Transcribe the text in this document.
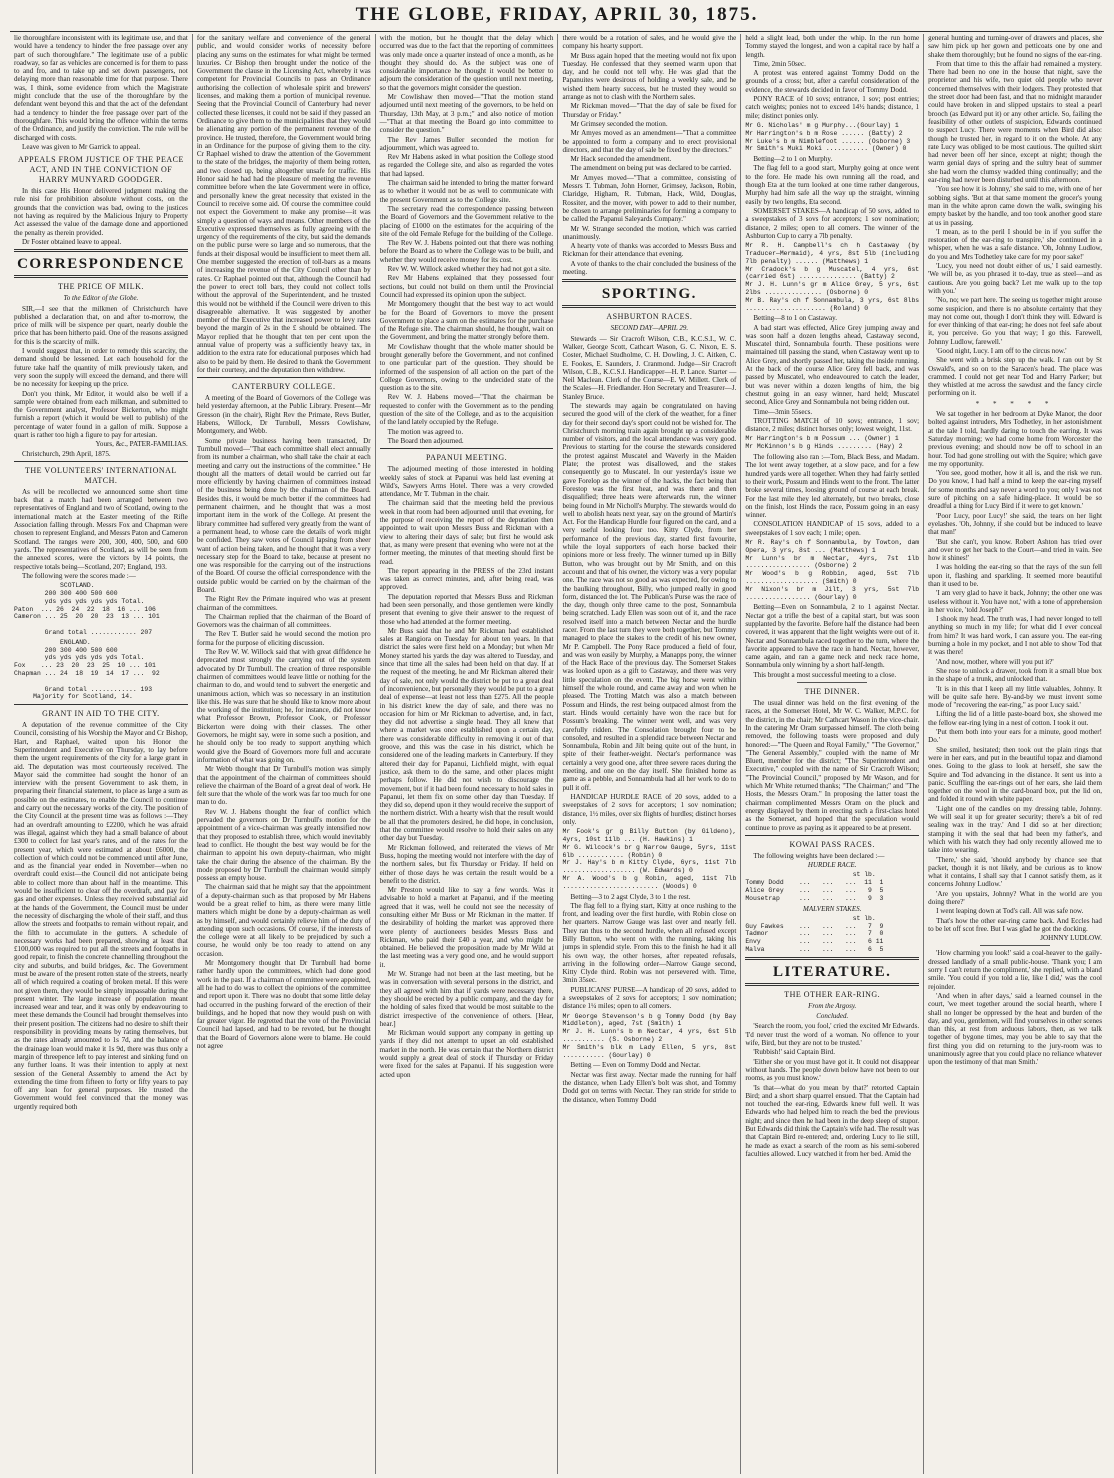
THE GLOBE, FRIDAY, APRIL 30, 1875.

lie thoroughfare inconsistent with its legitimate use, and that would have a tendency to hinder the free passage over any part of such thoroughfare." The legitimate use of a public roadway, so far as vehicles are concerned is for them to pass to and fro, and to take up and set down passengers, not delaying more than reasonable time for that purpose. There was, I think, some evidence from which the Magistrate might conclude that the use of the thoroughfare by the defendant went beyond this and that the act of the defendant had a tendency to hinder the free passage over part of the thoroughfare. This would bring the offence within the terms of the Ordinance, and justify the conviction. The rule will be discharged with costs.

Leave was given to Mr Garrick to appeal.

APPEALS FROM JUSTICE OF THE PEACE ACT, AND IN THE CONVICTION OF HARRY MUNYARD GOODGER.

In this case His Honor delivered judgment making the rule nisi for prohibition absolute without costs, on the grounds that the conviction was bad, owing to the justices not having as required by the Malicious Injury to Property Act assessed the value of the damage done and apportioned the penalty as therein provided.

Dr Foster obtained leave to appeal.

CORRESPONDENCE
THE PRICE OF MILK.
To the Editor of the Globe.

SIR,—I see that the milkmen of Christchurch have published a declaration that, on and after to-morrow, the price of milk will be sixpence per quart, nearly double the price that has been hitherto paid. One of the reasons assigned for this is the scarcity of milk.

I would suggest that, in order to remedy this scarcity, the demand should be lessened. Let each household for the future take half the quantity of milk previously taken, and very soon the supply will exceed the demand, and there will be no necessity for keeping up the price.

Don't you think, Mr Editor, it would also be well if a sample were obtained from each milkman, and submitted to the Government analyst, Professor Bickerton, who might furnish a report (which it would be well to publish) of the percentage of water found in a gallon of milk. Suppose a quart is rather too high a figure to pay for artesian.

Yours, &c., PATER-FAMILIAS.

Christchurch, 29th April, 1875.

THE VOLUNTEERS' INTERNATIONAL MATCH.

As will be recollected we announced some short time back that a match had been arranged between two representatives of England and two of Scotland, owing to the international match at the Easter meeting of the Rifle Association falling through. Messrs Fox and Chapman were chosen to represent England, and Messrs Paton and Cameron Scotland. The ranges were 200, 300, 400, 500, and 600 yards. The representatives of Scotland, as will be seen from the annexed scores, were the victors by 14 points, the respective totals being—Scotland, 207; England, 193.

The following were the scores made :—

SCOTLAND.
200 300 400 500 600
yds yds yds yds yds Total.
Paton  ... 26  24  22  18  16 ... 106
Cameron ... 25  20  20  23  13 ... 101

Grand total ............ 207
ENGLAND.
200 300 400 500 600
yds yds yds yds yds Total.
Fox    ... 23  20  23  25  10 ... 101
Chapman ... 24  18  19  14  17 ...  92

Grand total ............ 193
Majority for Scotland, 14.
GRANT IN AID TO THE CITY.

A deputation of the revenue committee of the City Council, consisting of his Worship the Mayor and Cr Bishop, Hart, and Raphael, waited upon his Honor the Superintendent and Executive on Thursday, to lay before them the urgent requirements of the city for a large grant in aid. The deputation was most courteously received. The Mayor said the committee had sought the honor of an interview with the present Government to ask them, in preparing their financial statement, to place as large a sum as possible on the estimates, to enable the Council to continue and carry out the necessary works of the city. The position of the City Council at the present time was as follows :—They had an overdraft amounting to £2200, which he was afraid was illegal, against which they had a small balance of about £300 to collect for last year's rates, and of the rates for the present year, which were estimated at about £6000, the collection of which could not be commenced until after June, and as the financial year ended in November—when no overdraft could exist—the Council did not anticipate being able to collect more than about half in the meantime. This would be insufficient to clear off the overdraft, and pay for gas and other expenses. Unless they received substantial aid at the hands of the Government, the Council must be under the necessity of discharging the whole of their staff, and thus allow the streets and footpaths to remain without repair, and the filth to accumulate in the gutters. A schedule of necessary works had been prepared, showing at least that £100,000 was required to put all the streets and footpaths in good repair, to finish the concrete channelling throughout the city and suburbs, and build bridges, &c. The Government must be aware of the present rotten state of the streets, nearly all of which required a coating of broken metal. If this were not given them, they would be simply impassable during the present winter. The large increase of population meant increased wear and tear, and it was only by endeavouring to meet these demands the Council had brought themselves into their present position. The citizens had no desire to shift their responsibility in providing means by rating themselves, but as the rates already amounted to 1s 7d, and the balance of the drainage loan would make it 1s 9d, there was thus only a margin of threepence left to pay interest and sinking fund on any further loans. It was their intention to apply at next session of the General Assembly to amend the Act by extending the time from fifteen to forty or fifty years to pay off any loan for general purposes. He trusted the Government would feel convinced that the money was urgently required both

for the sanitary welfare and convenience of the general public, and would consider works of necessity before placing any sums on the estimates for what might be termed luxuries. Cr Bishop then brought under the notice of the Government the clause in the Licensing Act, whereby it was competent for Provincial Councils to pass an Ordinance authorising the collection of wholesale spirit and brewers' licenses, and making them a portion of municipal revenue. Seeing that the Provincial Council of Canterbury had never collected these licenses, it could not be said if they passed an Ordinance to give them to the municipalities that they would be alienating any portion of the permanent revenue of the province. He trusted, therefore, the Government would bring in an Ordinance for the purpose of giving them to the city. Cr Raphael wished to draw the attention of the Government to the state of the bridges, the majority of them being rotten, and two closed up, being altogether unsafe for traffic. His Honor said he had had the pleasure of meeting the revenue committee before when the late Government were in office, and personally knew the great necessity that existed in the Council to receive some aid. Of course the committee could not expect the Government to make any promise—it was simply a question of ways and means. Other members of the Executive expressed themselves as fully agreeing with the urgency of the requirements of the city, but said the demands on the public purse were so large and so numerous, that the funds at their disposal would be insufficient to meet them all. One member suggested the erection of toll-bars as a means of increasing the revenue of the City Council other than by rates. Cr Raphael pointed out that, although the Council had the power to erect toll bars, they could not collect tolls without the approval of the Superintendent, and he trusted this would not be withheld if the Council were driven to this disagreeable alternative. It was suggested by another member of the Executive that increased power to levy rates beyond the margin of 2s in the £ should be obtained. The Mayor replied that he thought that ten per cent upon the annual value of property was a sufficiently heavy tax, in addition to the extra rate for educational purposes which had also to be paid by them. He desired to thank the Government for their courtesy, and the deputation then withdrew.

CANTERBURY COLLEGE.

A meeting of the Board of Governors of the College was held yesterday afternoon, at the Public Library. Present—Mr Gresson (in the chair), Right Rev the Primate, Revs Butler, Habens, Willock, Dr Turnbull, Messrs Cowlishaw, Montgomery, and Webb.

Some private business having been transacted, Dr Turnbull moved—"That each committee shall elect annually from its number a chairman, who shall take the chair at each meeting and carry out the instructions of the committee." He thought all the matters of detail would be carried out far more efficiently by having chairmen of committees instead of the business being done by the chairman of the Board. Besides this, it would be much better if the committees had permanent chairmen, and he thought that was a most important item in the work of the College. At present the library committee had suffered very greatly from the want of a permanent head, to whose care the details of work might be confided. They saw votes of Council lapsing from sheer want of action being taken, and he thought that it was a very necessary step for the Board to take, because at present no one was responsible for the carrying out of the instructions of the Board. Of course the official correspondence with the outside public would be carried on by the chairman of the Board.

The Right Rev the Primate inquired who was at present chairman of the committees.

The Chairman replied that the chairman of the Board of Governors was the chairman of all committees.

The Rev T. Butler said he would second the motion pro forma for the purpose of eliciting discussion.

The Rev W. W. Willock said that with great diffidence he deprecated most strongly the carrying out of the system advocated by Dr Turnbull. The creation of three responsible chairmen of committees would leave little or nothing for the chairman to do, and would tend to subvert the energetic and unanimous action, which was so necessary in an institution like this. He was sure that he should like to know more about the working of the institution; he, for instance, did not know what Professor Brown, Professor Cook, or Professor Bickerton were doing with their classes. The other Governors, he might say, were in some such a position, and he should only be too ready to support anything which would give the Board of Governors more full and accurate information of what was going on.

Mr Webb thought that Dr Turnbull's motion was simply that the appointment of the chairman of committees should relieve the chairman of the Board of a great deal of work. He felt sure that the whole of the work was far too much for one man to do.

Rev W. J. Habens thought the fear of conflict which pervaded the governors on Dr Turnbull's motion for the appointment of a vice-chairman was greatly intensified now that they proposed to establish three, which would inevitably lead to conflict. He thought the best way would be for the chairman to appoint his own deputy-chairman, who might take the chair during the absence of the chairman. By the mode proposed by Dr Turnbull the chairman would simply possess an empty house.

The chairman said that he might say that the appointment of a deputy-chairman such as that proposed by Mr Habens would be a great relief to him, as there were many little matters which might be done by a deputy-chairman as well as by himself, and would certainly relieve him of the duty of attending upon such occasions. Of course, if the interests of the college were at all likely to be prejudiced by such a course, he would only be too ready to attend on any occasion.

Mr Montgomery thought that Dr Turnbull had borne rather hardly upon the committees, which had done good work in the past. If a chairman of committee were appointed, all he had to do was to collect the opinions of the committee and report upon it. There was no doubt that some little delay had occurred in the pushing forward of the erection of their buildings, and he hoped that now they would push on with far greater vigor. He regretted that the vote of the Provincial Council had lapsed, and had to be revoted, but he thought that the Board of Governors alone were to blame. He could not agree

with the motion, but he thought that the delay which occurred was due to the fact that the reporting of committees was only made once a quarter instead of once a month, as he thought they should do. As the subject was one of considerable importance he thought it would be better to adjourn the consideration of the question until next meeting, so that the governors might consider the question.

Mr Cowlishaw then moved—"That the motion stand adjourned until next meeting of the governors, to be held on Thursday, 13th May, at 3 p.m.;" and also notice of motion—"That at that meeting the Board go into committee to consider the question."

The Rev James Buller seconded the motion for adjournment, which was agreed to.

Rev Mr Habens asked in what position the College stood as regarded the College site, and also as regarded the votes that had lapsed.

The chairman said he intended to bring the matter forward as to whether it would not be as well to communicate with the present Government as to the College site.

The secretary read the correspondence passing between the Board of Governors and the Government relative to the placing of £1000 on the estimates for the acquiring of the site of the old Female Refuge for the building of the College.

The Rev W. J. Habens pointed out that there was nothing before the Board as to where the College was to be built, and whether they would receive money for its cost.

Rev W. W. Willock asked whether they had not got a site.

Rev Mr Habens explained that they possessed four sections, but could not build on them until the Provincial Council had expressed its opinion upon the subject.

Mr Montgomery thought that the best way to act would be for the Board of Governors to move the present Government to place a sum on the estimates for the purchase of the Refuge site. The chairman should, he thought, wait on the Government, and bring the matter strongly before them.

Mr Cowlishaw thought that the whole matter should be brought generally before the Government, and not confined to one particular part of the question. They should be informed of the suspension of all action on the part of the College Governors, owing to the undecided state of the question as to the site.

Rev W. J. Habens moved—"That the chairman be requested to confer with the Government as to the pending question of the site of the College, and as to the acquisition of the land lately occupied by the Refuge.

The motion was agreed to.

The Board then adjourned.

PAPANUI MEETING.

The adjourned meeting of those interested in holding weekly sales of stock at Papanui was held last evening at Wild's, Sawyers Arms Hotel. There was a very crowded attendance, Mr T. Tubman in the chair.

The chairman said that the meeting held the previous week in that room had been adjourned until that evening, for the purpose of receiving the report of the deputation then appointed to wait upon Messrs Buss and Rickman with a view to altering their days of sale; but first he would ask that, as many were present that evening who were not at the former meeting, the minutes of that meeting should first be read.

The report appearing in the PRESS of the 23rd instant was taken as correct minutes, and, after being read, was approved.

The deputation reported that Messrs Buss and Rickman had been seen personally, and those gentlemen were kindly present that evening to give their answer to the request of those who had attended at the former meeting.

Mr Buss said that he and Mr Rickman had established sales at Rangiora on Tuesday for about ten years. In that district the sales were first held on a Monday; but when Mr Money started his yards the day was altered to Tuesday, and since that time all the sales had been held on that day. If at the request of the meeting, he and Mr Rickman altered their day of sale, not only would the district be put to a great deal of inconvenience, but personally they would be put to a great deal of expense—at least not less than £275. All the people in his district knew the day of sale, and there was no occasion for him or Mr Rickman to advertise, and, in fact, they did not advertise a single head. They all knew that where a market was once established upon a certain day, there was considerable difficulty in removing it out of that groove, and this was the case in his district, which he considered one of the leading markets in Canterbury. If they altered their day for Papanui, Lichfield might, with equal justice, ask them to do the same, and other places might perhaps follow. He did not wish to discourage the movement, but if it had been found necessary to hold sales in Papanui, let them fix on some other day than Tuesday. If they did so, depend upon it they would receive the support of the northern district. With a hearty wish that the result would be all that the promoters desired, he did hope, in conclusion, that the committee would resolve to hold their sales on any other day but Tuesday.

Mr Rickman followed, and reiterated the views of Mr Buss, hoping the meeting would not interfere with the day of the northern sales, but fix Thursday or Friday. If held on either of those days he was certain the result would be a benefit to the district.

Mr Preston would like to say a few words. Was it advisable to hold a market at Papanui, and if the meeting agreed that it was, well he could not see the necessity of consulting either Mr Buss or Mr Rickman in the matter. If the desirability of holding the market was approved there were plenty of auctioneers besides Messrs Buss and Rickman, who paid their £40 a year, and who might be obtained. He believed the proposition made by Mr Wild at the last meeting was a very good one, and he would support it.

Mr W. Strange had not been at the last meeting, but he was in conversation with several persons in the district, and they all agreed with him that if yards were necessary there, they should be erected by a public company, and the day for the holding of sales fixed that would be most suitable to the district irrespective of the convenience of others. [Hear, hear.]

Mr Rickman would support any company in getting up yards if they did not attempt to upset an old established market in the north. He was certain that the Northern district would supply a great deal of stock if Thursday or Friday were fixed for the sales at Papanui. If his suggestion were acted upon

there would be a rotation of sales, and he would give the company his hearty support.

Mr Buss again hoped that the meeting would not fix upon Tuesday. He confessed that they seemed warm upon that day, and he could not tell why. He was glad that the Papanuites were desirous of holding a weekly sale, and he wished them hearty success, but he trusted they would so arrange as not to clash with the Northern sales.

Mr Rickman moved—"That the day of sale be fixed for Thursday or Friday."

Mr Grimsey seconded the motion.

Mr Amyes moved as an amendment—"That a committee be appointed to form a company and to erect provisional directors, and that the day of sale be fixed by the directors."

Mr Hack seconded the amendment.

The amendment on being put was declared to be carried.

Mr Amyes moved—"That a committee, consisting of Messrs T. Tubman, John Horner, Grimsey, Jackson, Robin, Claridge, Higham, R. Tubman, Hack, Wild, Douglas, Rossiter, and the mover, with power to add to their number, be chosen to arrange preliminaries for forming a company to be called the Papanui Saleyards Company."

Mr W. Strange seconded the motion, which was carried unanimously.

A hearty vote of thanks was accorded to Messrs Buss and Rickman for their attendance that evening.

A vote of thanks to the chair concluded the business of the meeting.

SPORTING.
ASHBURTON RACES.
SECOND DAY—APRIL 29.

Stewards — Sir Cracroft Wilson, C.B., K.C.S.I., W. C. Walker, George Scott, Cathcart Wason, G. C. Nixon, E. S. Coster, Michael Studholme, C. H. Dowling, J. C. Aitken, C. E. Fookes, E. Saunders, J. Cranmond. Judge—Sir Cracroft Wilson, C.B., K.C.S.I. Handicapper—H. P. Lance. Starter —Neil Maclean. Clerk of the Course—E. W. Millett. Clerk of the Scales—H. Friedlander. Hon Secretary and Treasurer—J. Stanley Bruce.

The stewards may again be congratulated on having secured the good will of the clerk of the weather, for a finer day for their second day's sport could not be wished for. The Christchurch morning train again brought up a considerable number of visitors, and the local attendance was very good. Previous to starting for the course the stewards considered the protest against Muscatel and Waverly in the Maiden Plate; the protest was disallowed, and the stakes consequently go to Muscatel. In our yesterday's issue we gave Forelop as the winner of the hacks, the fact being that Forestop was the first heat, and was there and then disqualified; three heats were afterwards run, the winner being found in Mr Nicholl's Murphy. The stewards would do well to abolish heats next year, say on the ground of Martin's Act. For the Handicap Hurdle four figured on the card, and a very useful looking four too. Kitty Clyde, from her performance of the previous day, started first favourite, while the loyal supporters of each horse backed their opinions more or less freely. The winner turned up in Billy Button, who was brought out by Mr Smith, and on this account and that of his owner, the victory was a very popular one. The race was not so good as was expected, for owing to the baulking throughout, Billy, who jumped really in good form, distanced the lot. The Publican's Purse was the race of the day, though only three came to the post, Sonnambula being scratched. Lady Ellen was soon out of it, and the race resolved itself into a match between Nectar and the hurdle racer. From the last turn they were both together, but Tommy managed to place the stakes to the credit of his new owner, Mr P. Campbell. The Pony Race produced a field of four, and was won easily by Murphy, a Manapps pony, the winner of the Hack Race of the previous day. The Somerset Stakes was looked upon as a gift to Castaway, and there was very little speculation on the event. The big horse went within himself the whole round, and came away and won when he pleased. The Trotting Match was also a match between Possum and Hinds, the rest being outpaced almost from the start. Hinds would certainly have won the race but for Possum's breaking. The winner went well, and was very carefully ridden. The Consolation brought four to be consoled, and resulted in a splendid race between Nectar and Sonnambula, Robin and Jilt being quite out of the hunt, in spite of their feather-weight. Nectar's performance was certainly a very good one, after three severe races during the meeting, and one on the day itself. She finished home as game as a pebble, and Sonnambula had all her work to do to pull it off.

HANDICAP HURDLE RACE of 20 sovs, added to a sweepstakes of 2 sovs for acceptors; 1 sov nomination; distance, 1½ miles, over six flights of hurdles; distinct horses only.

Mr Fook's gr g Billy Button (by Gildeno), 4yrs, 10st 11lb ... (H. Hawkins) 1
Mr G. Wilcock's br g Narrow Gauge, 5yrs, 11st 6lb ............ (Robin) 0
Mr J. Hay's b m Kitty Clyde, 6yrs, 11st 7lb ................... (W. Edwards) 0
Mr A. Wood's b g Robin, aged, 11st 7lb ......................... (Woods) 0

Betting—3 to 2 agst Clyde, 3 to 1 the rest.

The flag fell to a flying start, Kitty at once rushing to the front, and leading over the first hurdle, with Robin close on her quarters. Narrow Gauge was last over and nearly fell. They ran thus to the second hurdle, when all refused except Billy Button, who went on with the running, taking his jumps in splendid style. From this to the finish he had it all his own way, the other horses, after repeated refusals, arriving in the following order—Narrow Gauge second, Kitty Clyde third. Robin was not persevered with. Time, 3min 35sec.

PUBLICANS' PURSE—A handicap of 20 sovs, added to a sweepstakes of 2 sovs for acceptors; 1 sov nomination; distance 1¼ miles; open to all comers.

Mr George Stevenson's b g Tommy Dodd (by Bay Middleton), aged, 7st (Smith) 1
Mr J. H. Lunn's b m Nectar, 4 yrs, 6st 5lb ........... (S. Osborne) 2
Mr Smith's blk m Lady Ellen, 5 yrs, 8st ........... (Gourlay) 0

Betting — Even on Tommy Dodd and Nectar.

Nectar was first away. Nectar made the running for half the distance, when Lady Ellen's bolt was shot, and Tommy Dodd got on terms with Nectar. They ran stride for stride to the distance, when Tommy Dodd

held a slight lead, both under the whip. In the run home Tommy stayed the longest, and won a capital race by half a length.

Time, 2min 50sec.

A protest was entered against Tommy Dodd on the grounds of a cross; but, after a careful consideration of the evidence, the stewards decided in favor of Tommy Dodd.

PONY RACE of 10 sovs; entrance, 1 sov; post entries; catch weights; ponies not to exceed 14½ hands; distance, 1 mile; distinct ponies only.

Mr G. Nicholas' m g Murphy...(Gourlay) 1
Mr Harrington's b m Rose ...... (Batty) 2
Mr Luke's b m Nimblefoot ...... (Osborne) 3
Mr Smith's Muki Moki ........... (Owner) 0

Betting—2 to 1 on Murphy.

The flag fell to a good start, Murphy going at once went to the fore. He made his own running all the road, and though Eta at the turn looked at one time rather dangerous, Murphy had him safe all the way up the straight, winning easily by two lengths, Eta second.

SOMERSET STAKES—A handicap of 50 sovs, added to a sweepstakes of 3 sovs for acceptors; 1 sov nomination; distance, 2 miles; open to all comers. The winner of the Ashburton Cup to carry a 7lb penalty.

Mr R. H. Campbell's ch h Castaway (by Traducer—Mermaid), 4 yrs, 8st 5lb (including 7lb penalty) ...... (Matthews) 1
Mr Cradock's b g Muscatel, 4 yrs, 6st (carried 6st) ............... (Batty) 2
Mr J. H. Lunn's gr m Alice Grey, 5 yrs, 6st 2lbs ............... (Osborne) 0
Mr B. Ray's ch f Sonnambula, 3 yrs, 6st 8lbs ..................... (Roland) 0

Betting—8 to 1 on Castaway.

A bad start was effected, Alice Grey jumping away and was soon half a dozen lengths ahead, Castaway second, Muscatel third, Sonnambula fourth. These positions were maintained till passing the stand, when Castaway went up to Alice Grey, and shortly passed her, taking the inside running. At the back of the course Alice Grey fell back, and was passed by Muscatel, who endeavoured to catch the leader, but was never within a dozen lengths of him, the big chestnut going in an easy winner, hard held; Muscatel second, Alice Grey and Sonnambula not being ridden out.

Time—3min 55secs.

TROTTING MATCH of 10 sovs; entrance, 1 sov; distance, 2 miles; distinct horses only; lowest weight, 11st.

Mr Harrington's b m Possum ... (Owner) 1
Mr McKinnon's b g Hinds ......... (Hay) 2

The following also ran :—Tom, Black Bess, and Madam. The lot went away together, at a slow pace, and for a few hundred yards were all together. When they had fairly settled to their work, Possum and Hinds went to the front. The latter broke several times, loosing ground of course at each break. For the last mile they led alternately, but two breaks, close on the finish, lost Hinds the race, Possum going in an easy winner.

CONSOLATION HANDICAP of 15 sovs, added to a sweepstakes of 1 sov each; 1 mile; open.

Mr R. Ray's ch f Sonnambula, by Towton, dam Opera, 3 yrs, 8st ... (Matthews) 1
Mr Lunn's br m Nectar, 4yrs, 7st 1lb ................. (Osborne) 2
Mr Wood's b g Robbin, aged, 5st 7lb ................... (Smith) 0
Mr Nixon's br m Jilt, 3 yrs, 5st 7lb ................. (Gourlay) 0

Betting—Even on Sonnambula, 2 to 1 against Nectar. Nectar got a trifle the best of a capital start, but was soon supplanted by the favorite. Before half the distance had been covered, it was apparent that the light weights were out of it. Nectar and Sonnambula raced together to the turn, where the favorite appeared to have the race in hand. Nectar, however, came again, and ran a game neck and neck race home, Sonnambula only winning by a short half-length.

This brought a most successful meeting to a close.

THE DINNER.

The usual dinner was held on the first evening of the races, at the Somerset Hotel, Mr W. C. Walker, M.P.C. for the district, in the chair; Mr Cathcart Wason in the vice-chair. In the catering Mr Oram surpassed himself. The cloth being removed, the following toasts were proposed and duly honored:—"The Queen and Royal Family," "The Governor," "The General Assembly," coupled with the name of Mr Bluett, member for the district; "The Superintendent and Executive," coupled with the name of Sir Cracroft Wilson; "The Provincial Council," proposed by Mr Wason, and for which Mr White returned thanks; "The Chairman;" and "The Hosts, the Messrs Oram." In proposing the latter toast the chairman complimented Messrs Oram on the pluck and energy displayed by them in erecting such a first-class hotel as the Somerset, and hoped that the speculation would continue to prove as paying as it appeared to be at present.

KOWAI PASS RACES.

The following weights have been declared :—

HURDLE RACE.
st lb.
Tommy Dodd    ...   ...   ...  11  1
Alice Grey    ...   ...   ...   9  5
Mousetrap     ...   ...   ...   9  3
MALVERN STAKES.
st lb.
Guy Fawkes    ...   ...   ...   7  9
Tadmor        ...   ...   ...   7  0
Envy          ...   ...   ...   6 11
Malva         ...   ...   ...   6  5
LITERATURE.
THE OTHER EAR-RING.
From the Argosy.
Concluded.

'Search the room, you fool,' cried the excited Mr Edwards. 'I'd never trust the word of a woman. No offence to your wife, Bird, but they are not to be trusted.'

'Rubbish!' said Captain Bird.

'Either she or you must have got it. It could not disappear without hands. The people down below have not been to our rooms, as you must know.'

'Is that—what do you mean by that?' retorted Captain Bird; and a short sharp quarrel ensued. That the Captain had not touched the ear-ring, Edwards knew full well. It was Edwards who had helped him to reach the bed the previous night; and since then he had been in the deep sleep of stupor. But Edwards did think the Captain's wife had. The result was that Captain Bird re-entered; and, ordering Lucy to lie still, he made as exact a search of the room as his semi-sobered faculties allowed. Lucy watched it from her bed. Amid the

general hunting and turning-over of drawers and places, she saw him pick up her gown and petticoats one by one and shake them thoroughly; but he found no signs of the ear-ring.

From that time to this the affair had remained a mystery. There had been no one in the house that night, save the proprietor and his wife, two quiet old people who never concerned themselves with their lodgers. They protested that the street door had been fast, and that no midnight marauder could have broken in and slipped upstairs to steal a pearl brooch (as Edward put it) or any other article. So, failing the feasibility of other outlets of suspicion, Edwards continued to suspect Lucy. There were moments when Bird did also: though he trusted her, in regard to it on the whole. At any rate Lucy was obliged to be most cautious. The quilted skirt had never been off her since, except at night; though the warm genial days of spring and the sultry heat of summer she had worn the clumsy wadded thing continually; and the ear-ring had never been disturbed until this afternoon.

'You see how it is Johnny,' she said to me, with one of her sobbing sighs. 'But at that same moment the grocer's young man in the white apron came down the walk, swinging his empty basket by the handle, and too took another good stare at us in passing.

'I mean, as to the peril I should be in if you suffer the restoration of the ear-ring to transpire,' she continued in a whisper, when he was a safe distance. 'Oh, Johnny Ludlow, do you and Mrs Todhetley take care for my poor sake!'

'Lucy, you need not doubt either of us,' I said earnestly. 'We will be, as you phrased it to-day, true as steel—and as cautious. Are you going back? Let me walk up to the top with you.'

'No, no; we part here. The seeing us together might arouse some suspicion, and there is no absolute certainty that they may not come out, though I don't think they will. Edward is for ever thinking of that ear-ring; he does not feel safe about it, you perceive. Go you that way; I go this. Farewell, Johnny Ludlow, farewell.'

'Good night, Lucy. I am off to the circus now.'

She went with a brisk step up the walk. I ran out by St Oswald's, and so on to the Saracen's head. The place was crammed. I could not get near Tod and Harry Parker; but they whistled at me across the sawdust and the fancy circle performing on it.

* * * * *

We sat together in her bedroom at Dyke Manor, the door bolted against intruders, Mrs Todhetley, in her astonishment at the tale I told, hardly daring to touch the earring. It was Saturday morning; we had come home from Worcester the previous evening; and should now be off to school in an hour. Tod had gone strolling out with the Squire; which gave me my opportunity.

'You see, good mother, how it all is, and the risk we run. Do you know, I had half a mind to keep the ear-ring myself for some months and say never a word to you; only I was not sure of pitching on a safe hiding-place. It would be so dreadful a thing for Lucy Bird if it were to get known.'

'Poor Lucy, poor Lucy!' she said, the tears on her light eyelashes. 'Oh, Johnny, if she could but be induced to leave that man!'

'But she can't, you know. Robert Ashton has tried over and over to get her back to the Court—and tried in vain. See how it shines!'

I was holding the ear-ring so that the rays of the sun fell upon it, flashing and sparkling. It seemed more beautiful than it used to be.

'I am very glad to have it back, Johnny; the other one was useless without it. You have not,' with a tone of apprehension in her voice, 'told Joseph?'

I shook my head. The truth was, I had never longed to tell anything so much in my life; for what did I ever conceal from him? It was hard work, I can assure you. The ear-ring burning a hole in my pocket, and I not able to show Tod that it was there!

'And now, mother, where will you put it?'

She rose to unlock a drawer, took from it a small blue box in the shape of a trunk, and unlocked that.

'It is in this that I keep all my little valuables, Johnny. It will be quite safe here. By-and-by we must invent some mode of "recovering the ear-ring," as poor Lucy said.'

Lifting the lid of a little paste-board box, she showed me the fellow ear-ring lying in a nest of cotton. I took it out.

'Put them both into your ears for a minute, good mother! Do.'

She smiled, hesitated; then took out the plain rings that were in her ears, and put in the beautiful topaz and diamond ones. Going to the glass to look at herself, she saw the Squire and Tod advancing in the distance. It sent us into a panic. Scuffling the ear-rings out of her ears, she laid them together on the wool in the card-board box, put the lid on, and folded it round with white paper.

'Light one of the candles on my dressing table, Johnny. We will seal it up for greater security; there's a bit of red sealing wax in the tray.' And I did so at her direction; stamping it with the seal that had been my father's, and which with his watch they had only recently allowed me to take into wearing.

'There,' she said, 'should anybody by chance see that packet, though it is not likely, and be curious as to know what it contains, I shall say that I cannot satisfy them, as it concerns Johnny Ludlow.'

'Are you upstairs, Johnny? What in the world are you doing there?'

I went leaping down at Tod's call. All was safe now.

That's how the other ear-ring came back. And Eccles had to be let off scot free. But I was glad he got the docking.

JOHNNY LUDLOW.

'How charming you look!' said a coal-heaver to the gaily-dressed landlady of a small public-house. 'Thank you; I am sorry I can't return the compliment,' she replied, with a bland smile. 'You could if you told a lie, like I did,' was the cool rejoinder.

'And when in after days,' said a learned counsel in the court, 'we meet together around the social hearth, where I shall no longer be oppressed by the heat and burden of the day, and you, gentlemen, will find yourselves in other scenes than this, at rest from arduous labors, then, as we talk together of bygone times, may you be able to say that the first thing you did on returning to the jury-room was to unanimously agree that you could place no reliance whatever upon the testimony of that man Smith.'
